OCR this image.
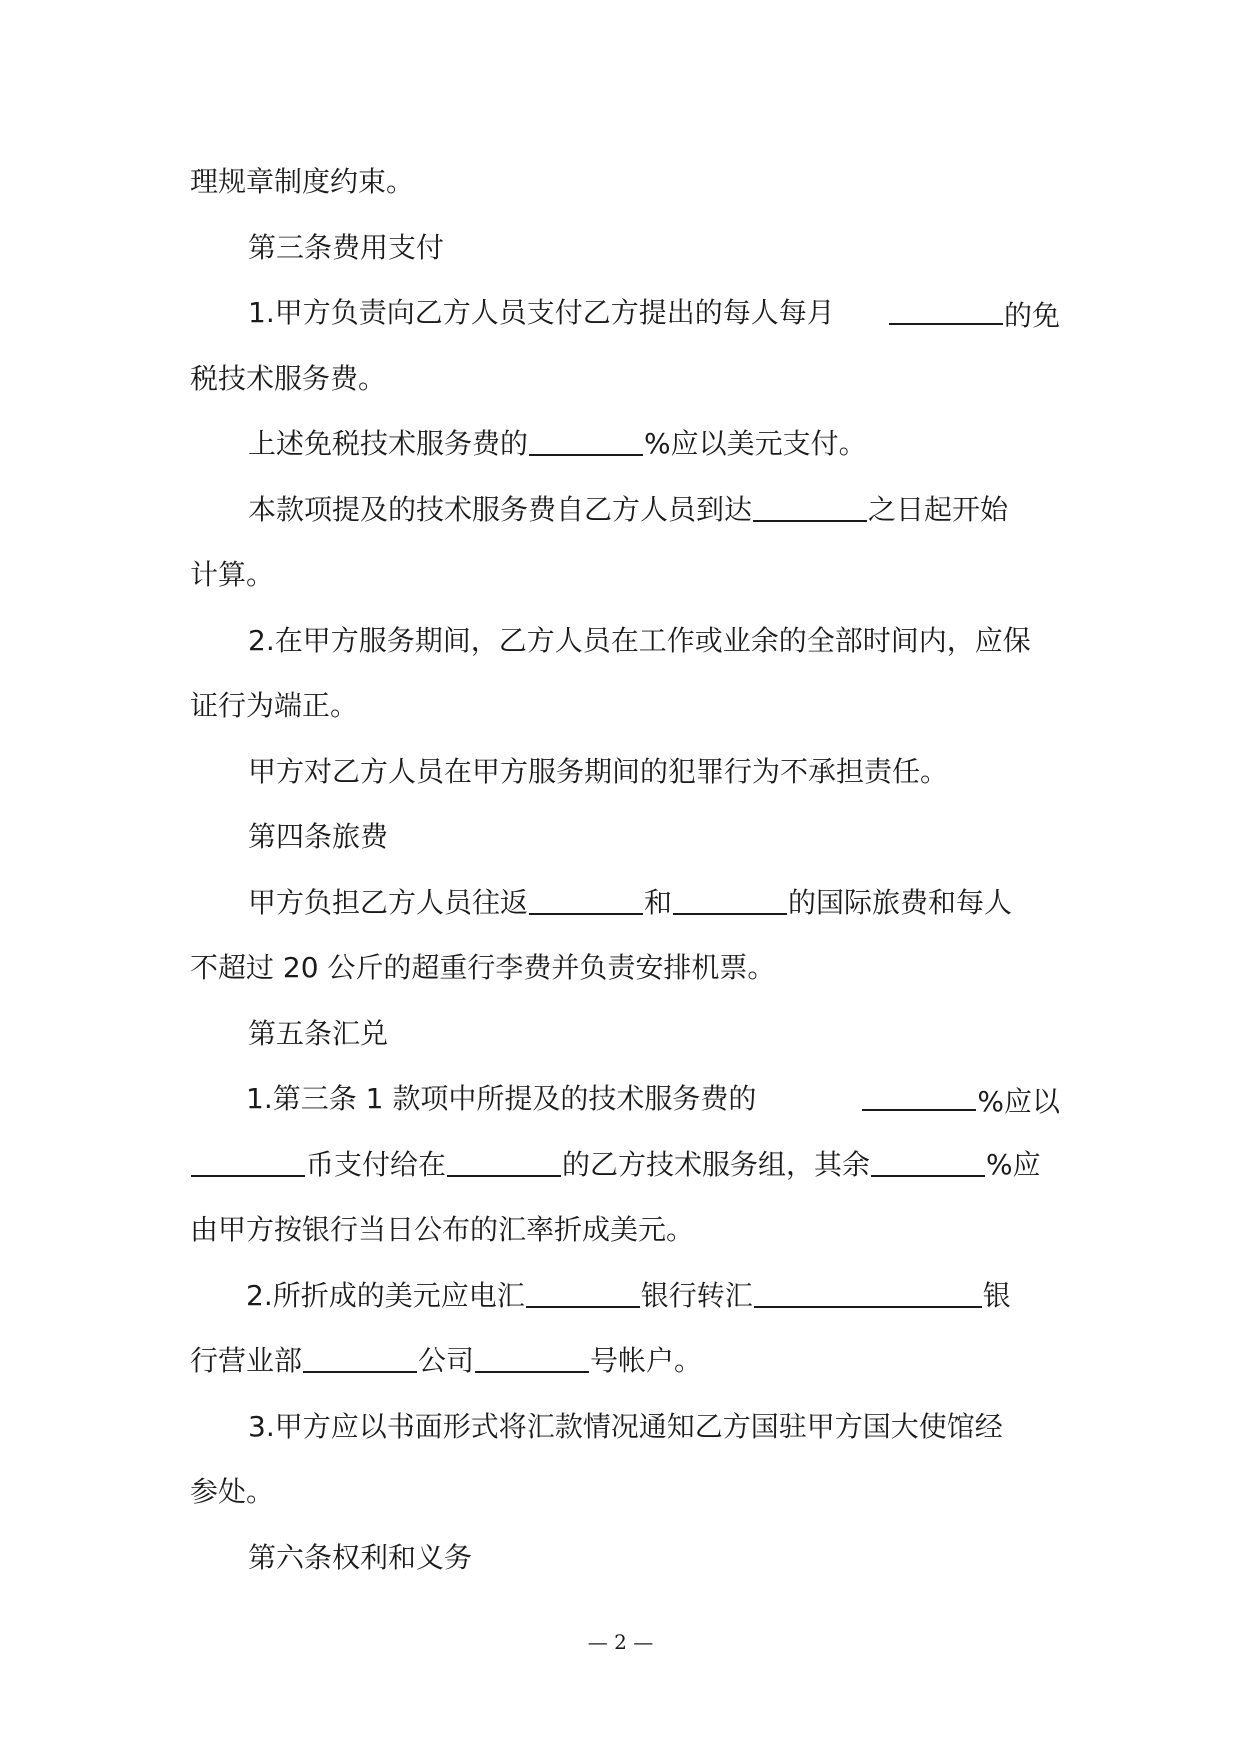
理规章制度约束。
第三条费用支付
1.甲方负责向乙方人员支付乙方提出的每人每月	的免
税技术服务费。
上述免税技术服务费的	%应以美元支付。
本款项提及的技术服务费自乙方人员到达	之日起开始
计算。
2.在甲方服务期间，乙方人员在工作或业余的全部时间内，应保
证行为端正。
甲方对乙方人员在甲方服务期间的犯罪行为不承担责任。
第四条旅费
甲方负担乙方人员往返	和	的国际旅费和每人
不超过 20 公斤的超重行李费并负责安排机票。
第五条汇兑
1.第三条 1 款项中所提及的技术服务费的	%应以
币支付给在	的乙方技术服务组，其余	%应
由甲方按银行当日公布的汇率折成美元。
2.所折成的美元应电汇	银行转汇	银
行营业部	公司	号帐户。
3.甲方应以书面形式将汇款情况通知乙方国驻甲方国大使馆经
参处。
第六条权利和义务
— 2 —
